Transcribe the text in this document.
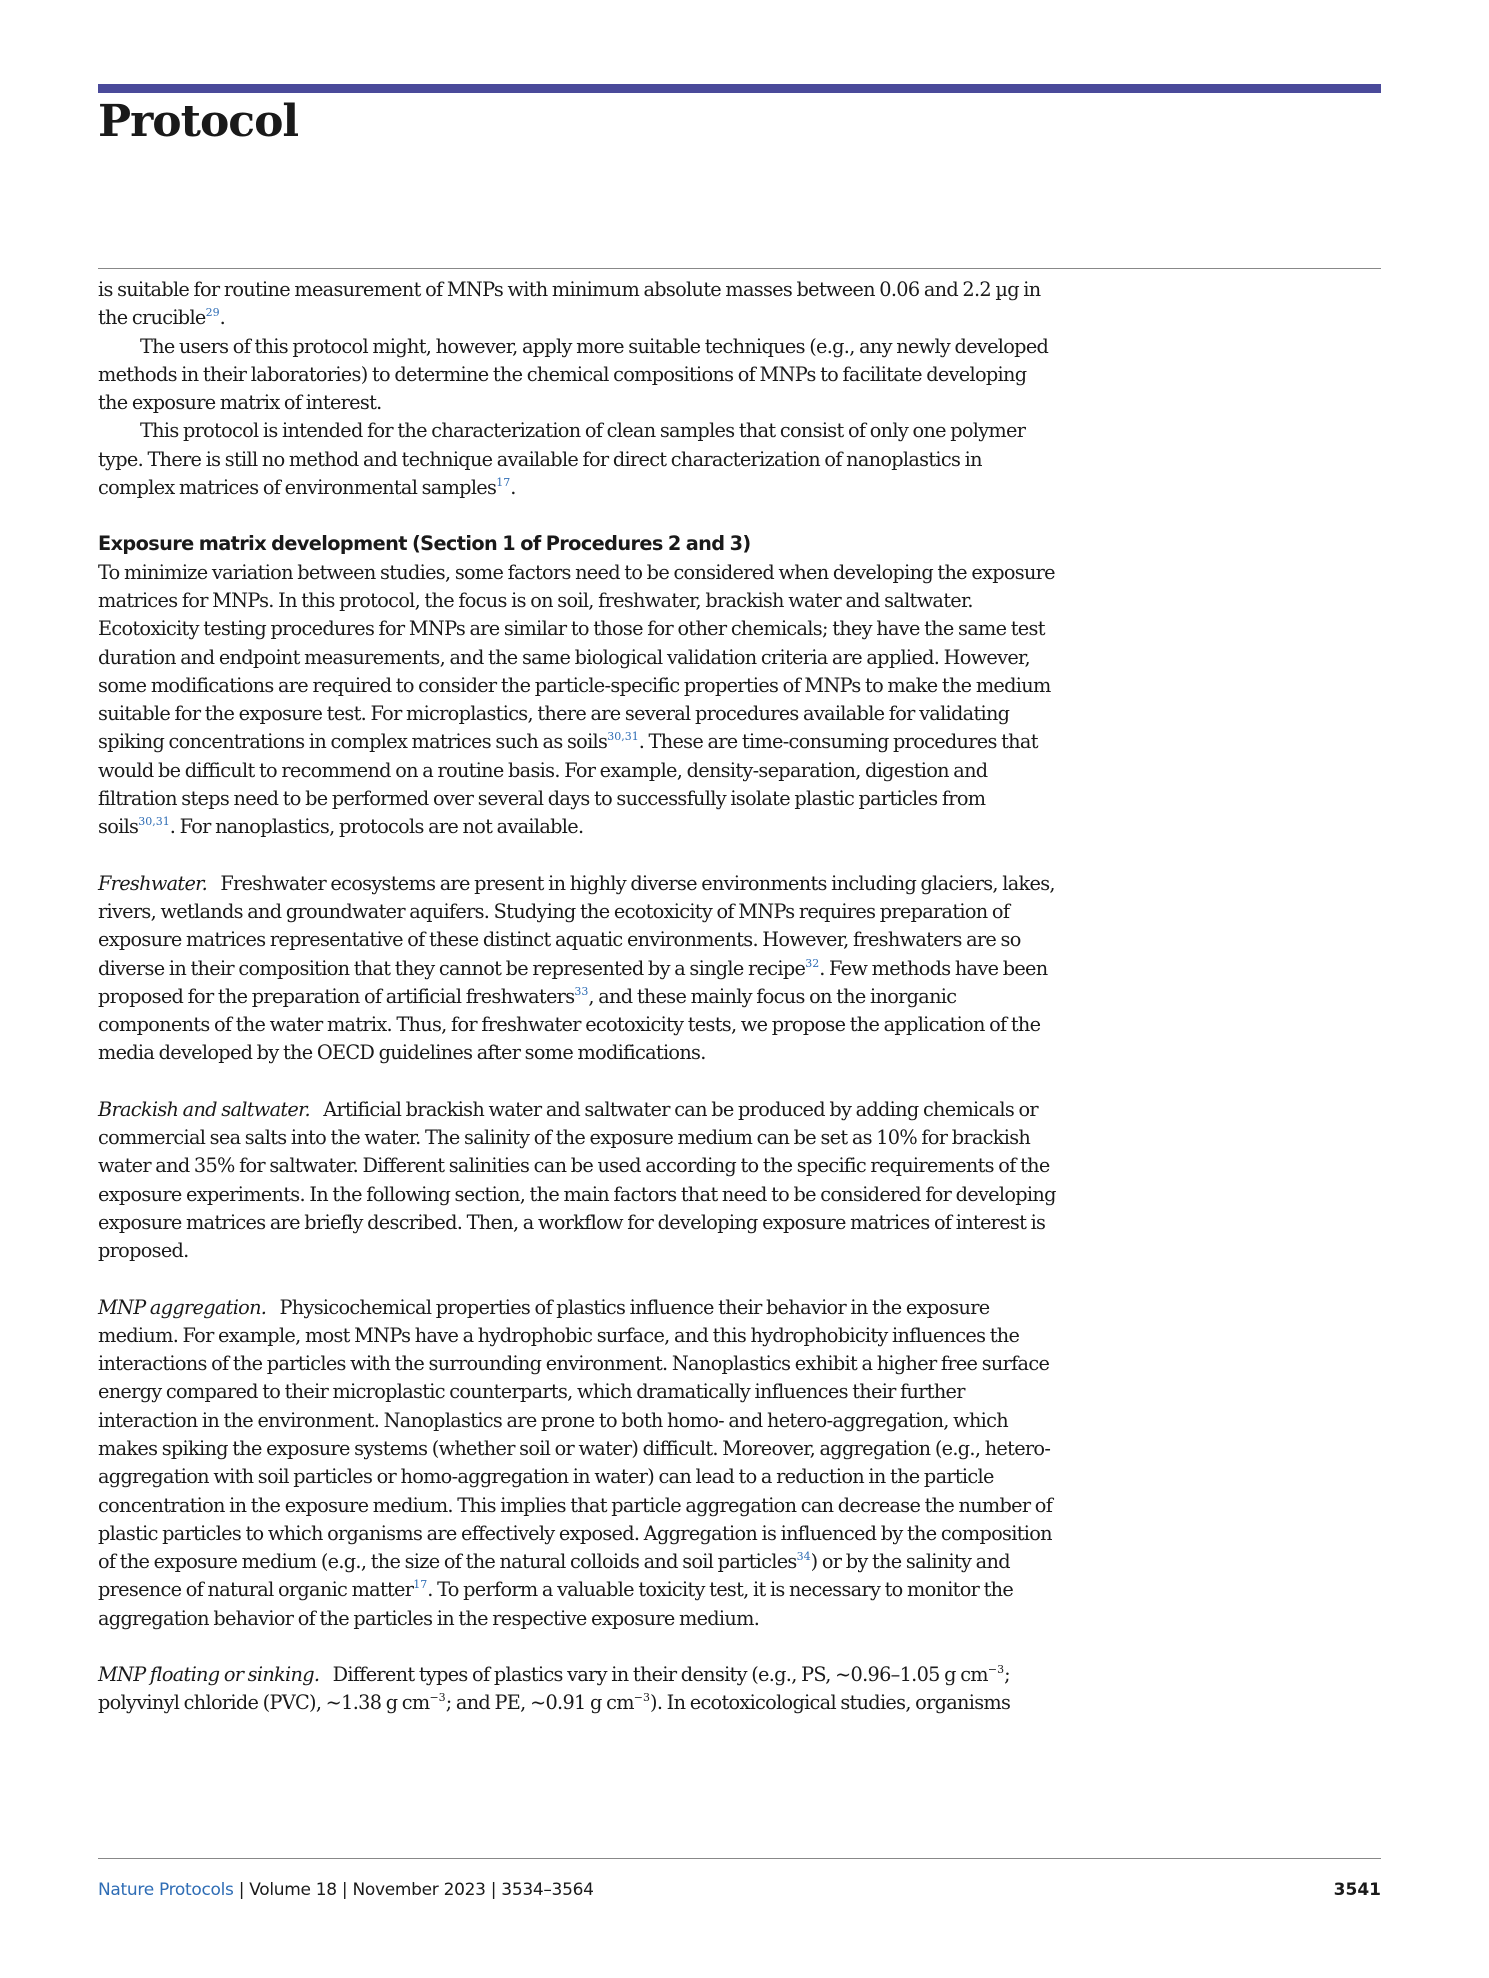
Protocol

is suitable for routine measurement of MNPs with minimum absolute masses between 0.06 and 2.2 µg in the crucible$^{29}$.

The users of this protocol might, however, apply more suitable techniques (e.g., any newly developed methods in their laboratories) to determine the chemical compositions of MNPs to facilitate developing the exposure matrix of interest.

This protocol is intended for the characterization of clean samples that consist of only one polymer type. There is still no method and technique available for direct characterization of nanoplastics in complex matrices of environmental samples$^{17}$.

Exposure matrix development (Section 1 of Procedures 2 and 3)

To minimize variation between studies, some factors need to be considered when developing the exposure matrices for MNPs. In this protocol, the focus is on soil, freshwater, brackish water and saltwater. Ecotoxicity testing procedures for MNPs are similar to those for other chemicals; they have the same test duration and endpoint measurements, and the same biological validation criteria are applied. However, some modifications are required to consider the particle-specific properties of MNPs to make the medium suitable for the exposure test. For microplastics, there are several procedures available for validating spiking concentrations in complex matrices such as soils$^{30,31}$. These are time-consuming procedures that would be difficult to recommend on a routine basis. For example, density-separation, digestion and filtration steps need to be performed over several days to successfully isolate plastic particles from soils$^{30,31}$. For nanoplastics, protocols are not available.

Freshwater. Freshwater ecosystems are present in highly diverse environments including glaciers, lakes, rivers, wetlands and groundwater aquifers. Studying the ecotoxicity of MNPs requires preparation of exposure matrices representative of these distinct aquatic environments. However, freshwaters are so diverse in their composition that they cannot be represented by a single recipe$^{32}$. Few methods have been proposed for the preparation of artificial freshwaters$^{33}$, and these mainly focus on the inorganic components of the water matrix. Thus, for freshwater ecotoxicity tests, we propose the application of the media developed by the OECD guidelines after some modifications.

Brackish and saltwater. Artificial brackish water and saltwater can be produced by adding chemicals or commercial sea salts into the water. The salinity of the exposure medium can be set as 10% for brackish water and 35% for saltwater. Different salinities can be used according to the specific requirements of the exposure experiments. In the following section, the main factors that need to be considered for developing exposure matrices are briefly described. Then, a workflow for developing exposure matrices of interest is proposed.

MNP aggregation. Physicochemical properties of plastics influence their behavior in the exposure medium. For example, most MNPs have a hydrophobic surface, and this hydrophobicity influences the interactions of the particles with the surrounding environment. Nanoplastics exhibit a higher free surface energy compared to their microplastic counterparts, which dramatically influences their further interaction in the environment. Nanoplastics are prone to both homo- and hetero-aggregation, which makes spiking the exposure systems (whether soil or water) difficult. Moreover, aggregation (e.g., hetero-aggregation with soil particles or homo-aggregation in water) can lead to a reduction in the particle concentration in the exposure medium. This implies that particle aggregation can decrease the number of plastic particles to which organisms are effectively exposed. Aggregation is influenced by the composition of the exposure medium (e.g., the size of the natural colloids and soil particles$^{34}$) or by the salinity and presence of natural organic matter$^{17}$. To perform a valuable toxicity test, it is necessary to monitor the aggregation behavior of the particles in the respective exposure medium.

MNP floating or sinking. Different types of plastics vary in their density (e.g., PS, ~0.96–1.05 g $cm^{-3}$; polyvinyl chloride (PVC), ~1.38 g $cm^{-3}$; and PE, ~0.91 g $cm^{-3}$). In ecotoxicological studies, organisms

Nature Protocols | Volume 18 | November 2023 | 3534–3564	3541
